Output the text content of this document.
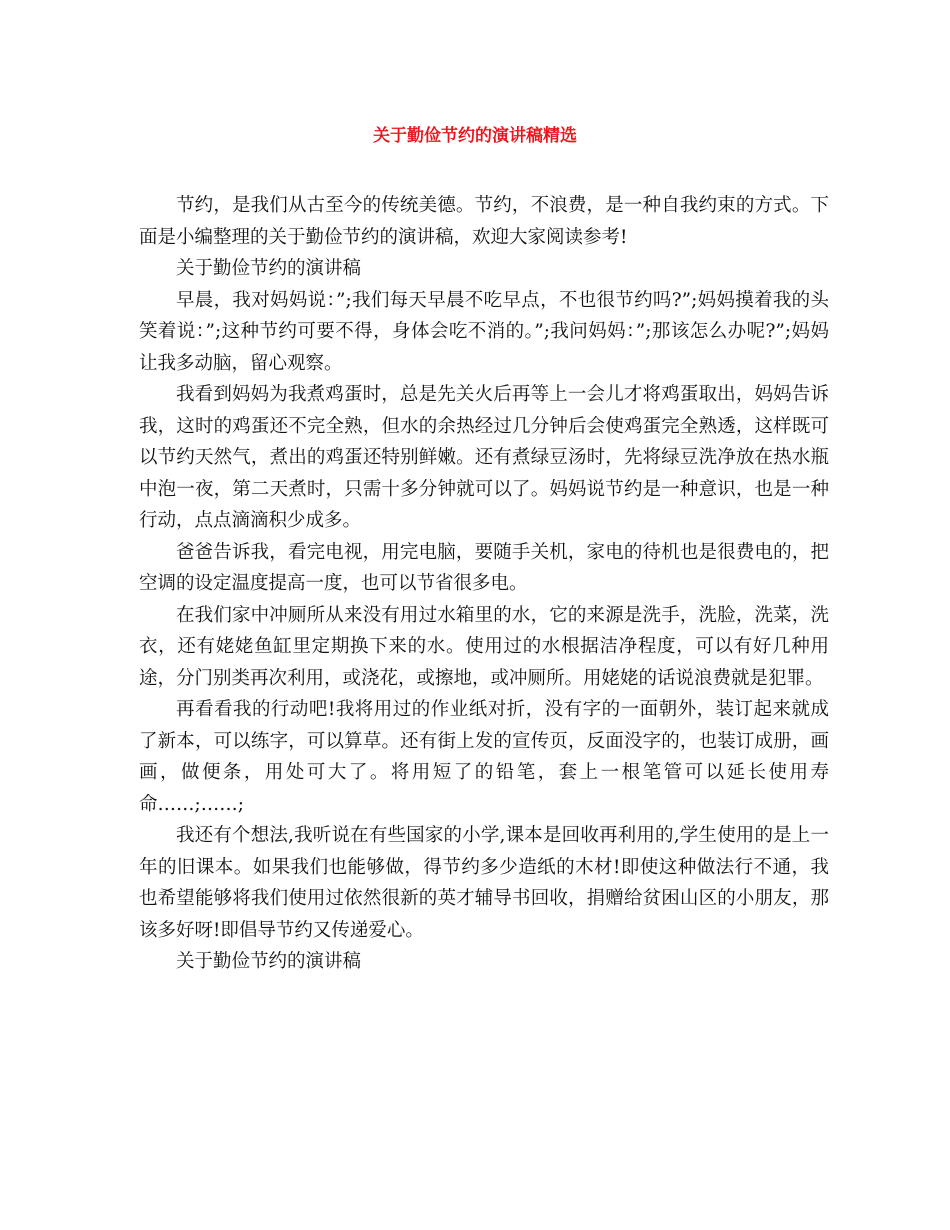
关于勤俭节约的演讲稿精选

节约，是我们从古至今的传统美德。节约，不浪费，是一种自我约束的方式。下面是小编整理的关于勤俭节约的演讲稿，欢迎大家阅读参考!

关于勤俭节约的演讲稿

早晨，我对妈妈说：”;我们每天早晨不吃早点，不也很节约吗?”;妈妈摸着我的头笑着说：”;这种节约可要不得，身体会吃不消的。”;我问妈妈：”;那该怎么办呢?”;妈妈让我多动脑，留心观察。

我看到妈妈为我煮鸡蛋时，总是先关火后再等上一会儿才将鸡蛋取出，妈妈告诉我，这时的鸡蛋还不完全熟，但水的余热经过几分钟后会使鸡蛋完全熟透，这样既可以节约天然气，煮出的鸡蛋还特别鲜嫩。还有煮绿豆汤时，先将绿豆洗净放在热水瓶中泡一夜，第二天煮时，只需十多分钟就可以了。妈妈说节约是一种意识，也是一种行动，点点滴滴积少成多。

爸爸告诉我，看完电视，用完电脑，要随手关机，家电的待机也是很费电的，把空调的设定温度提高一度，也可以节省很多电。

在我们家中冲厕所从来没有用过水箱里的水，它的来源是洗手，洗脸，洗菜，洗衣，还有姥姥鱼缸里定期换下来的水。使用过的水根据洁净程度，可以有好几种用途，分门别类再次利用，或浇花，或擦地，或冲厕所。用姥姥的话说浪费就是犯罪。

再看看我的行动吧!我将用过的作业纸对折，没有字的一面朝外，装订起来就成了新本，可以练字，可以算草。还有街上发的宣传页，反面没字的，也装订成册，画画，做便条，用处可大了。将用短了的铅笔，套上一根笔管可以延长使用寿命……;……;

我还有个想法,我听说在有些国家的小学,课本是回收再利用的,学生使用的是上一年的旧课本。如果我们也能够做，得节约多少造纸的木材!即使这种做法行不通，我也希望能够将我们使用过依然很新的英才辅导书回收，捐赠给贫困山区的小朋友，那该多好呀!即倡导节约又传递爱心。

关于勤俭节约的演讲稿
